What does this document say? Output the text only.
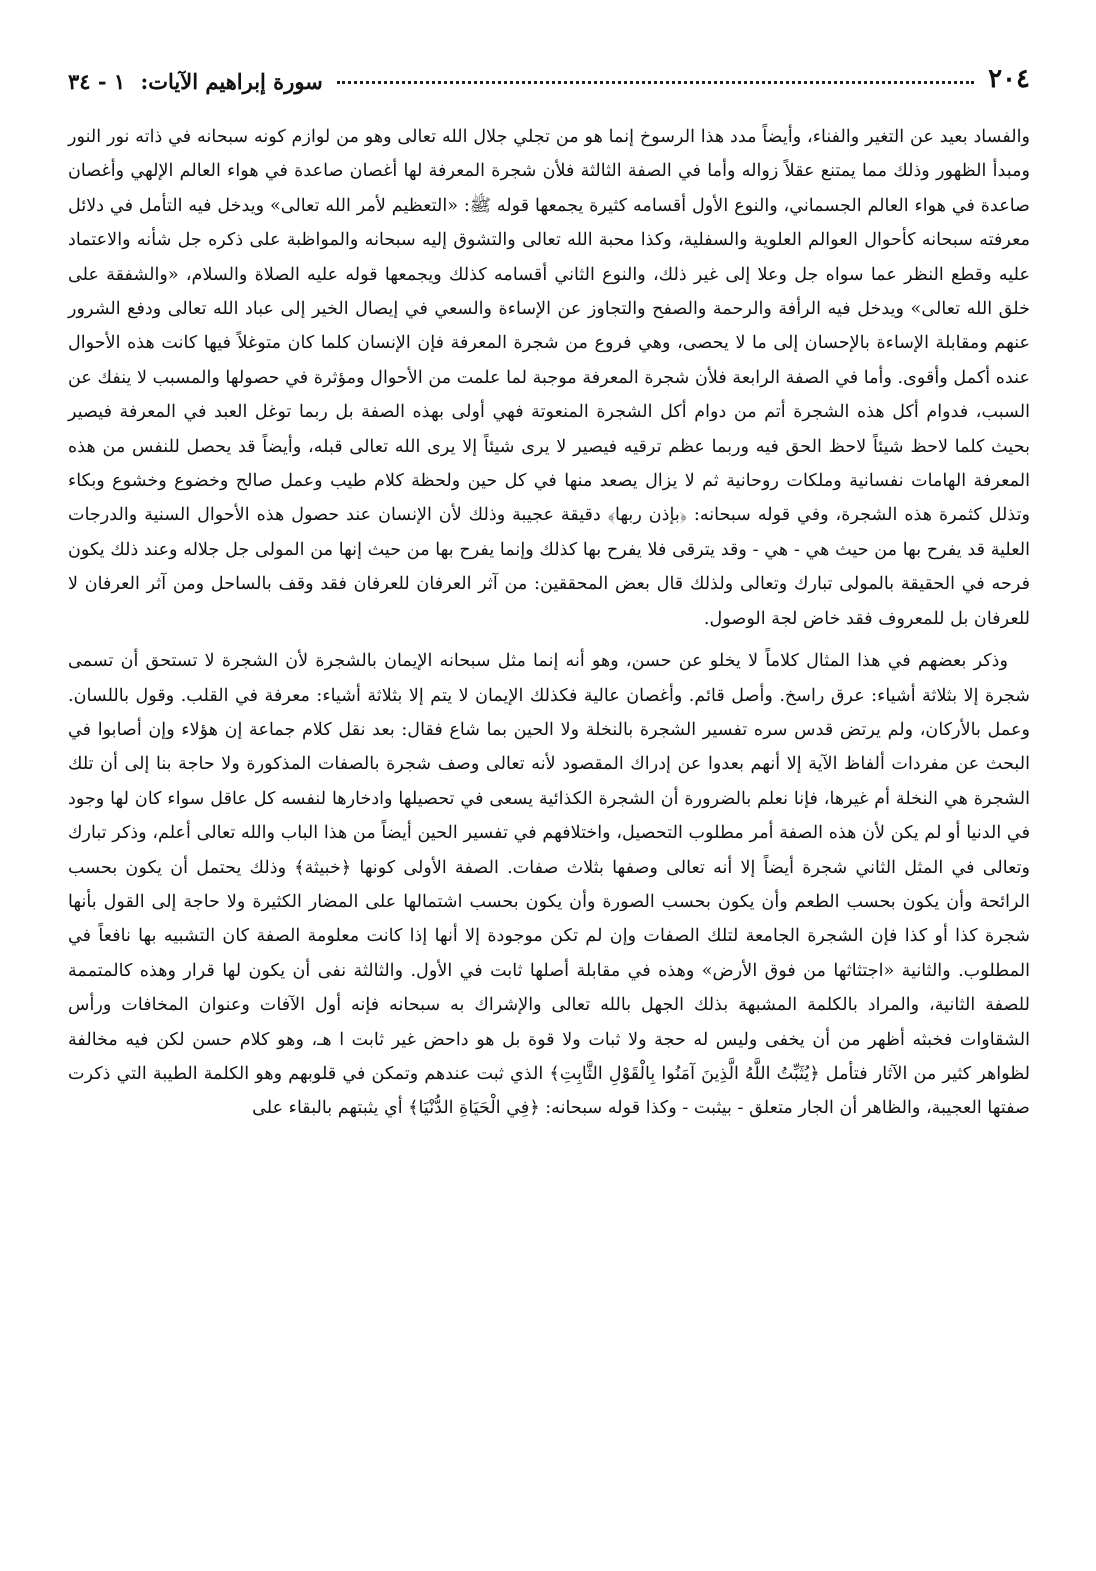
٢٠٤
سورة إبراهيم الآيات: ١ - ٣٤

والفساد بعيد عن التغير والفناء، وأيضاً مدد هذا الرسوخ إنما هو من تجلي جلال الله تعالى وهو من لوازم كونه سبحانه في ذاته نور النور ومبدأ الظهور وذلك مما يمتنع عقلاً زواله وأما في الصفة الثالثة فلأن شجرة المعرفة لها أغصان صاعدة في هواء العالم الإلهي وأغصان صاعدة في هواء العالم الجسماني، والنوع الأول أقسامه كثيرة يجمعها قوله ﷺ: «التعظيم لأمر الله تعالى» ويدخل فيه التأمل في دلائل معرفته سبحانه كأحوال العوالم العلوية والسفلية، وكذا محبة الله تعالى والتشوق إليه سبحانه والمواظبة على ذكره جل شأنه والاعتماد عليه وقطع النظر عما سواه جل وعلا إلى غير ذلك، والنوع الثاني أقسامه كذلك ويجمعها قوله عليه الصلاة والسلام، «والشفقة على خلق الله تعالى» ويدخل فيه الرأفة والرحمة والصفح والتجاوز عن الإساءة والسعي في إيصال الخير إلى عباد الله تعالى ودفع الشرور عنهم ومقابلة الإساءة بالإحسان إلى ما لا يحصى، وهي فروع من شجرة المعرفة فإن الإنسان كلما كان متوغلاً فيها كانت هذه الأحوال عنده أكمل وأقوى. وأما في الصفة الرابعة فلأن شجرة المعرفة موجبة لما علمت من الأحوال ومؤثرة في حصولها والمسبب لا ينفك عن السبب، فدوام أكل هذه الشجرة أتم من دوام أكل الشجرة المنعوتة فهي أولى بهذه الصفة بل ربما توغل العبد في المعرفة فيصير بحيث كلما لاحظ شيئاً لاحظ الحق فيه وربما عظم ترقيه فيصير لا يرى شيئاً إلا يرى الله تعالى قبله، وأيضاً قد يحصل للنفس من هذه المعرفة الهامات نفسانية وملكات روحانية ثم لا يزال يصعد منها في كل حين ولحظة كلام طيب وعمل صالح وخضوع وخشوع وبكاء وتذلل كثمرة هذه الشجرة، وفي قوله سبحانه: ﴿بإذن ربها﴾ دقيقة عجيبة وذلك لأن الإنسان عند حصول هذه الأحوال السنية والدرجات العلية قد يفرح بها من حيث هي - هي - وقد يترقى فلا يفرح بها كذلك وإنما يفرح بها من حيث إنها من المولى جل جلاله وعند ذلك يكون فرحه في الحقيقة بالمولى تبارك وتعالى ولذلك قال بعض المحققين: من آثر العرفان للعرفان فقد وقف بالساحل ومن آثر العرفان لا للعرفان بل للمعروف فقد خاض لجة الوصول.

وذكر بعضهم في هذا المثال كلاماً لا يخلو عن حسن، وهو أنه إنما مثل سبحانه الإيمان بالشجرة لأن الشجرة لا تستحق أن تسمى شجرة إلا بثلاثة أشياء: عرق راسخ. وأصل قائم. وأغصان عالية فكذلك الإيمان لا يتم إلا بثلاثة أشياء: معرفة في القلب. وقول باللسان. وعمل بالأركان، ولم يرتض قدس سره تفسير الشجرة بالنخلة ولا الحين بما شاع فقال: بعد نقل كلام جماعة إن هؤلاء وإن أصابوا في البحث عن مفردات ألفاظ الآية إلا أنهم بعدوا عن إدراك المقصود لأنه تعالى وصف شجرة بالصفات المذكورة ولا حاجة بنا إلى أن تلك الشجرة هي النخلة أم غيرها، فإنا نعلم بالضرورة أن الشجرة الكذائية يسعى في تحصيلها وادخارها لنفسه كل عاقل سواء كان لها وجود في الدنيا أو لم يكن لأن هذه الصفة أمر مطلوب التحصيل، واختلافهم في تفسير الحين أيضاً من هذا الباب والله تعالى أعلم، وذكر تبارك وتعالى في المثل الثاني شجرة أيضاً إلا أنه تعالى وصفها بثلاث صفات. الصفة الأولى كونها ﴿خبيثة﴾ وذلك يحتمل أن يكون بحسب الرائحة وأن يكون بحسب الطعم وأن يكون بحسب الصورة وأن يكون بحسب اشتمالها على المضار الكثيرة ولا حاجة إلى القول بأنها شجرة كذا أو كذا فإن الشجرة الجامعة لتلك الصفات وإن لم تكن موجودة إلا أنها إذا كانت معلومة الصفة كان التشبيه بها نافعاً في المطلوب. والثانية «اجتثاثها من فوق الأرض» وهذه في مقابلة أصلها ثابت في الأول. والثالثة نفى أن يكون لها قرار وهذه كالمتممة للصفة الثانية، والمراد بالكلمة المشبهة بذلك الجهل بالله تعالى والإشراك به سبحانه فإنه أول الآفات وعنوان المخافات ورأس الشقاوات فخبثه أظهر من أن يخفى وليس له حجة ولا ثبات ولا قوة بل هو داحض غير ثابت ا هـ، وهو كلام حسن لكن فيه مخالفة لظواهر كثير من الآثار فتأمل ﴿يُثَبِّتُ اللَّهُ الَّذِينَ آمَنُوا بِالْقَوْلِ الثَّابِتِ﴾ الذي ثبت عندهم وتمكن في قلوبهم وهو الكلمة الطيبة التي ذكرت صفتها العجيبة، والظاهر أن الجار متعلق - بيثبت - وكذا قوله سبحانه: ﴿فِي الْحَيَاةِ الدُّنْيَا﴾ أي يثبتهم بالبقاء على
